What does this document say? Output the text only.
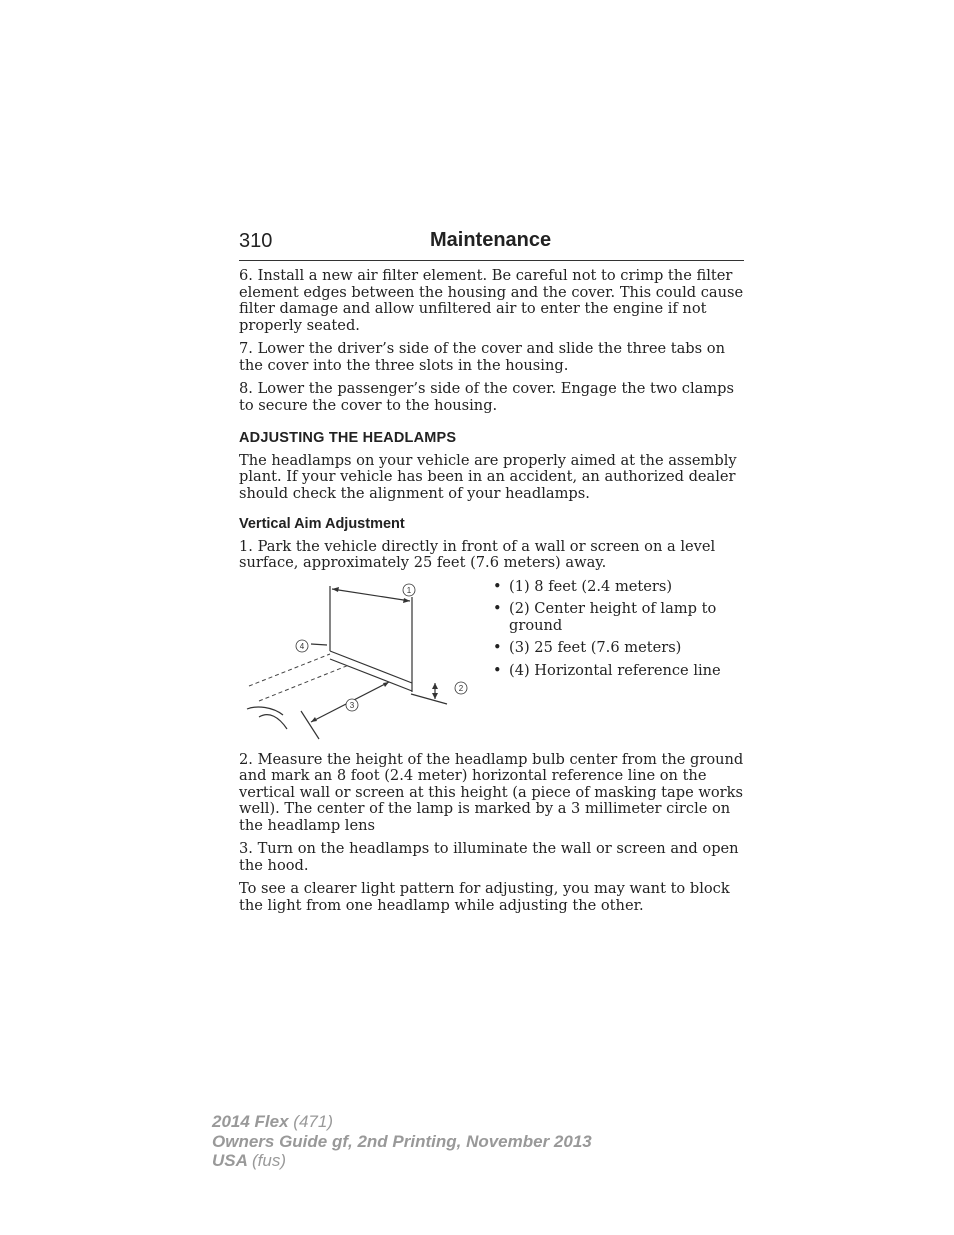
310	Maintenance

6. Install a new air filter element. Be careful not to crimp the filter element edges between the housing and the cover. This could cause filter damage and allow unfiltered air to enter the engine if not properly seated.

7. Lower the driver’s side of the cover and slide the three tabs on the cover into the three slots in the housing.

8. Lower the passenger’s side of the cover. Engage the two clamps to secure the cover to the housing.

ADJUSTING THE HEADLAMPS

The headlamps on your vehicle are properly aimed at the assembly plant. If your vehicle has been in an accident, an authorized dealer should check the alignment of your headlamps.

Vertical Aim Adjustment

1. Park the vehicle directly in front of a wall or screen on a level surface, approximately 25 feet (7.6 meters) away.

1
2
3
4
• (1) 8 feet (2.4 meters)
• (2) Center height of lamp to ground
• (3) 25 feet (7.6 meters)
• (4) Horizontal reference line

2. Measure the height of the headlamp bulb center from the ground and mark an 8 foot (2.4 meter) horizontal reference line on the vertical wall or screen at this height (a piece of masking tape works well). The center of the lamp is marked by a 3 millimeter circle on the headlamp lens

3. Turn on the headlamps to illuminate the wall or screen and open the hood.

To see a clearer light pattern for adjusting, you may want to block the light from one headlamp while adjusting the other.

2014 Flex (471)
Owners Guide gf, 2nd Printing, November 2013
USA (fus)
